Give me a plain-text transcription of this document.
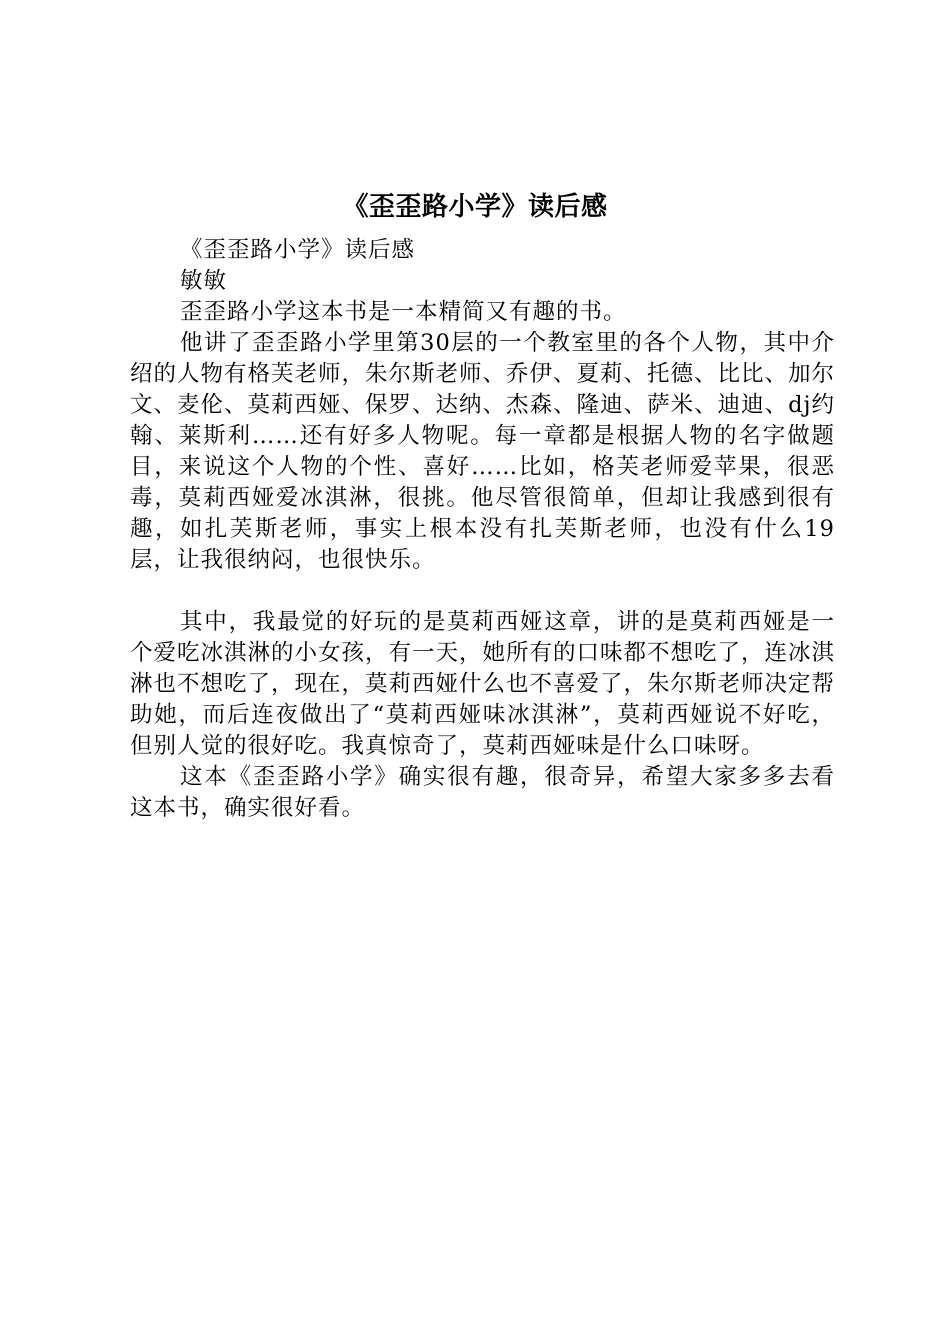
《歪歪路小学》读后感

《歪歪路小学》读后感

敏敏

歪歪路小学这本书是一本精简又有趣的书。

他讲了歪歪路小学里第30层的一个教室里的各个人物，其中介绍的人物有格芙老师，朱尔斯老师、乔伊、夏莉、托德、比比、加尔文、麦伦、莫莉西娅、保罗、达纳、杰森、隆迪、萨米、迪迪、dj约翰、莱斯利……还有好多人物呢。每一章都是根据人物的名字做题目，来说这个人物的个性、喜好……比如，格芙老师爱苹果，很恶毒，莫莉西娅爱冰淇淋，很挑。他尽管很简单，但却让我感到很有趣，如扎芙斯老师，事实上根本没有扎芙斯老师，也没有什么19层，让我很纳闷，也很快乐。

其中，我最觉的好玩的是莫莉西娅这章，讲的是莫莉西娅是一个爱吃冰淇淋的小女孩，有一天，她所有的口味都不想吃了，连冰淇淋也不想吃了，现在，莫莉西娅什么也不喜爱了，朱尔斯老师决定帮助她，而后连夜做出了“莫莉西娅味冰淇淋”，莫莉西娅说不好吃，但别人觉的很好吃。我真惊奇了，莫莉西娅味是什么口味呀。

这本《歪歪路小学》确实很有趣，很奇异，希望大家多多去看这本书，确实很好看。
